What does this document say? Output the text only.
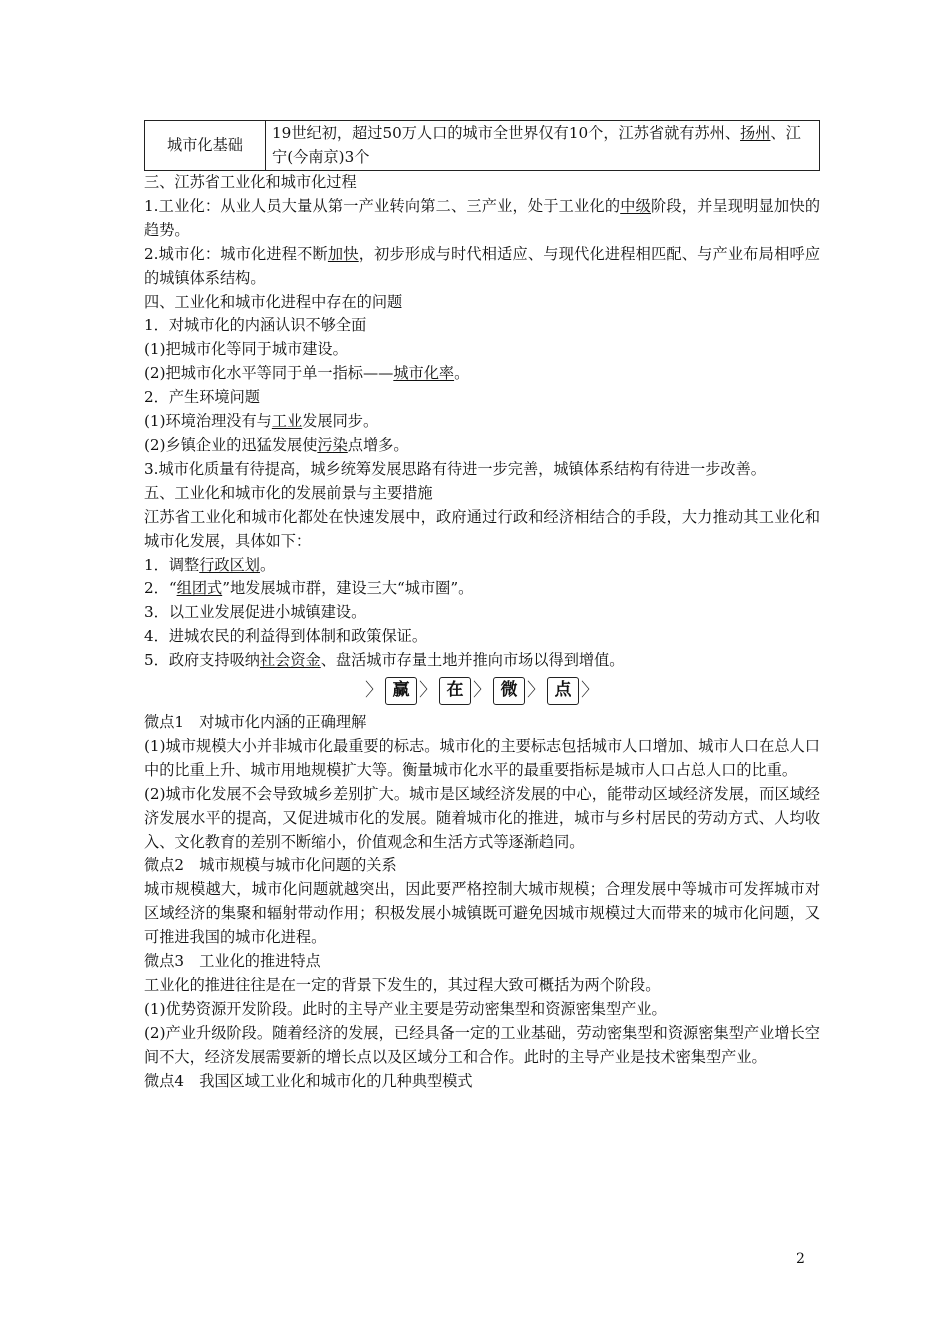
城市化基础	19世纪初，超过50万人口的城市全世界仅有10个，江苏省就有苏州、扬州、江宁(今南京)3个

三、江苏省工业化和城市化过程

1.工业化：从业人员大量从第一产业转向第二、三产业，处于工业化的中级阶段，并呈现明显加快的趋势。

2.城市化：城市化进程不断加快，初步形成与时代相适应、与现代化进程相匹配、与产业布局相呼应的城镇体系结构。

四、工业化和城市化进程中存在的问题

1．对城市化的内涵认识不够全面

(1)把城市化等同于城市建设。

(2)把城市化水平等同于单一指标——城市化率。

2．产生环境问题

(1)环境治理没有与工业发展同步。

(2)乡镇企业的迅猛发展使污染点增多。

3.城市化质量有待提高，城乡统筹发展思路有待进一步完善，城镇体系结构有待进一步改善。

五、工业化和城市化的发展前景与主要措施

江苏省工业化和城市化都处在快速发展中，政府通过行政和经济相结合的手段，大力推动其工业化和城市化发展，具体如下：

1．调整行政区划。

2．“组团式”地发展城市群，建设三大“城市圈”。

3．以工业发展促进小城镇建设。

4．进城农民的利益得到体制和政策保证。

5．政府支持吸纳社会资金、盘活城市存量土地并推向市场以得到增值。

〉 赢 〉 在 〉 微 〉 点 〉

微点1　对城市化内涵的正确理解

(1)城市规模大小并非城市化最重要的标志。城市化的主要标志包括城市人口增加、城市人口在总人口中的比重上升、城市用地规模扩大等。衡量城市化水平的最重要指标是城市人口占总人口的比重。

(2)城市化发展不会导致城乡差别扩大。城市是区域经济发展的中心，能带动区域经济发展，而区域经济发展水平的提高，又促进城市化的发展。随着城市化的推进，城市与乡村居民的劳动方式、人均收入、文化教育的差别不断缩小，价值观念和生活方式等逐渐趋同。

微点2　城市规模与城市化问题的关系

城市规模越大，城市化问题就越突出，因此要严格控制大城市规模；合理发展中等城市可发挥城市对区域经济的集聚和辐射带动作用；积极发展小城镇既可避免因城市规模过大而带来的城市化问题，又可推进我国的城市化进程。

微点3　工业化的推进特点

工业化的推进往往是在一定的背景下发生的，其过程大致可概括为两个阶段。

(1)优势资源开发阶段。此时的主导产业主要是劳动密集型和资源密集型产业。

(2)产业升级阶段。随着经济的发展，已经具备一定的工业基础，劳动密集型和资源密集型产业增长空间不大，经济发展需要新的增长点以及区域分工和合作。此时的主导产业是技术密集型产业。

微点4　我国区域工业化和城市化的几种典型模式

2
